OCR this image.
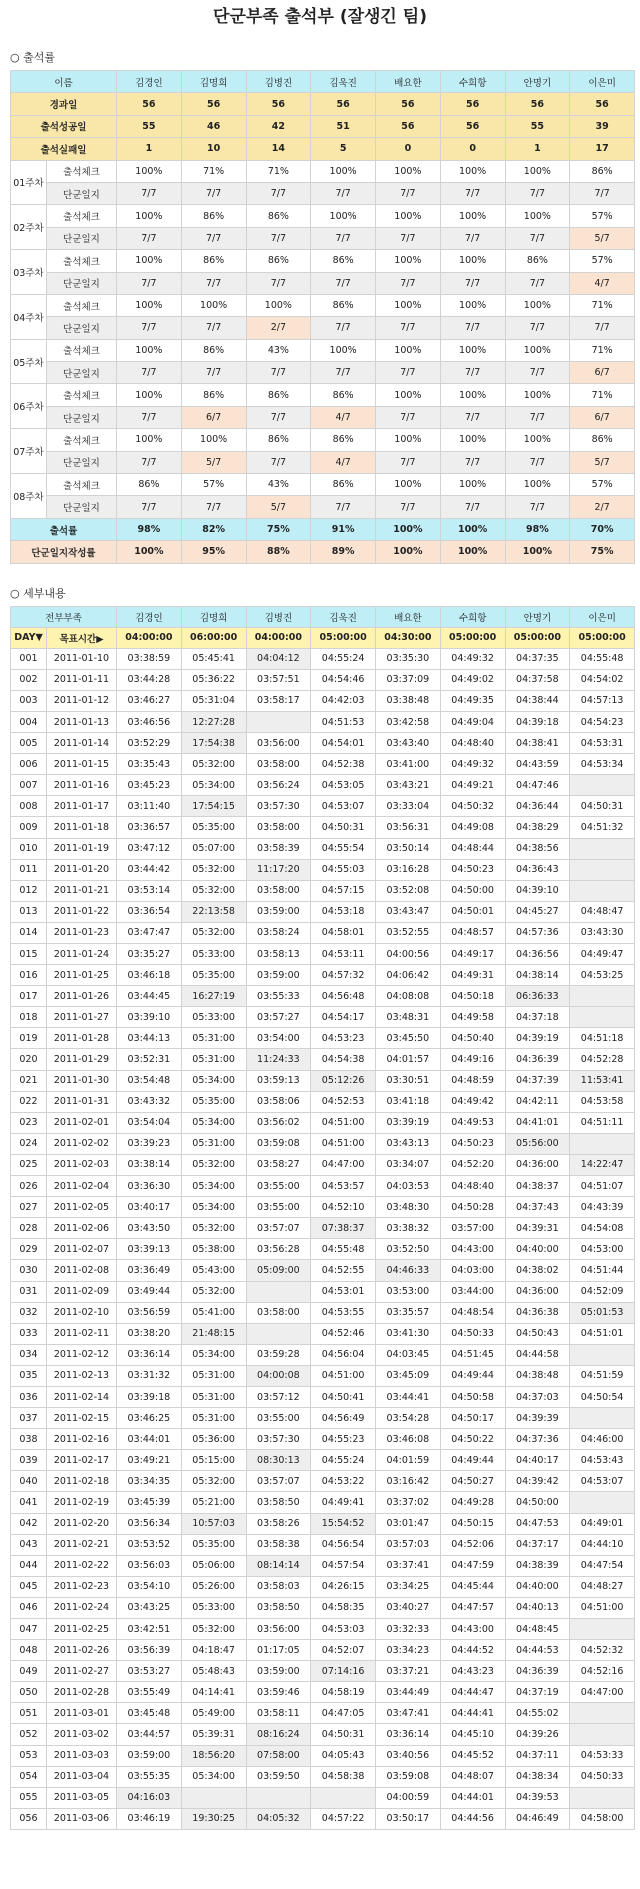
단군부족 출석부 (잘생긴 팀)
○ 출석률
이름		김경인	김명희	김병진	김욱진	배요한	수희항	안명기	이은미
경과일		56	56	56	56	56	56	56	56
출석성공일		55	46	42	51	56	56	55	39
출석실패일		1	10	14	5	0	0	1	17
01주차	출석체크	100%	71%	71%	100%	100%	100%	100%	86%
	단군일지	7/7	7/7	7/7	7/7	7/7	7/7	7/7	7/7
02주차	출석체크	100%	86%	86%	100%	100%	100%	100%	57%
	단군일지	7/7	7/7	7/7	7/7	7/7	7/7	7/7	5/7
03주차	출석체크	100%	86%	86%	86%	100%	100%	86%	57%
	단군일지	7/7	7/7	7/7	7/7	7/7	7/7	7/7	4/7
04주차	출석체크	100%	100%	100%	86%	100%	100%	100%	71%
	단군일지	7/7	7/7	2/7	7/7	7/7	7/7	7/7	7/7
05주차	출석체크	100%	86%	43%	100%	100%	100%	100%	71%
	단군일지	7/7	7/7	7/7	7/7	7/7	7/7	7/7	6/7
06주차	출석체크	100%	86%	86%	86%	100%	100%	100%	71%
	단군일지	7/7	6/7	7/7	4/7	7/7	7/7	7/7	6/7
07주차	출석체크	100%	100%	86%	86%	100%	100%	100%	86%
	단군일지	7/7	5/7	7/7	4/7	7/7	7/7	7/7	5/7
08주차	출석체크	86%	57%	43%	86%	100%	100%	100%	57%
	단군일지	7/7	7/7	5/7	7/7	7/7	7/7	7/7	2/7
출석률		98%	82%	75%	91%	100%	100%	98%	70%
단군일지작성률		100%	95%	88%	89%	100%	100%	100%	75%
○ 세부내용
전부부족		김경인	김명희	김병진	김욱진	배요한	수희항	안명기	이은미
DAY▼	목표시간▶	04:00:00	06:00:00	04:00:00	05:00:00	04:30:00	05:00:00	05:00:00	05:00:00
001	2011-01-10	03:38:59	05:45:41	04:04:12	04:55:24	03:35:30	04:49:32	04:37:35	04:55:48
002	2011-01-11	03:44:28	05:36:22	03:57:51	04:54:46	03:37:09	04:49:02	04:37:58	04:54:02
003	2011-01-12	03:46:27	05:31:04	03:58:17	04:42:03	03:38:48	04:49:35	04:38:44	04:57:13
004	2011-01-13	03:46:56	12:27:28		04:51:53	03:42:58	04:49:04	04:39:18	04:54:23
005	2011-01-14	03:52:29	17:54:38	03:56:00	04:54:01	03:43:40	04:48:40	04:38:41	04:53:31
006	2011-01-15	03:35:43	05:32:00	03:58:00	04:52:38	03:41:00	04:49:32	04:43:59	04:53:34
007	2011-01-16	03:45:23	05:34:00	03:56:24	04:53:05	03:43:21	04:49:21	04:47:46	
008	2011-01-17	03:11:40	17:54:15	03:57:30	04:53:07	03:33:04	04:50:32	04:36:44	04:50:31
009	2011-01-18	03:36:57	05:35:00	03:58:00	04:50:31	03:56:31	04:49:08	04:38:29	04:51:32
010	2011-01-19	03:47:12	05:07:00	03:58:39	04:55:54	03:50:14	04:48:44	04:38:56	
011	2011-01-20	03:44:42	05:32:00	11:17:20	04:55:03	03:16:28	04:50:23	04:36:43	
012	2011-01-21	03:53:14	05:32:00	03:58:00	04:57:15	03:52:08	04:50:00	04:39:10	
013	2011-01-22	03:36:54	22:13:58	03:59:00	04:53:18	03:43:47	04:50:01	04:45:27	04:48:47
014	2011-01-23	03:47:47	05:32:00	03:58:24	04:58:01	03:52:55	04:48:57	04:57:36	03:43:30
015	2011-01-24	03:35:27	05:33:00	03:58:13	04:53:11	04:00:56	04:49:17	04:36:56	04:49:47
016	2011-01-25	03:46:18	05:35:00	03:59:00	04:57:32	04:06:42	04:49:31	04:38:14	04:53:25
017	2011-01-26	03:44:45	16:27:19	03:55:33	04:56:48	04:08:08	04:50:18	06:36:33	
018	2011-01-27	03:39:10	05:33:00	03:57:27	04:54:17	03:48:31	04:49:58	04:37:18	
019	2011-01-28	03:44:13	05:31:00	03:54:00	04:53:23	03:45:50	04:50:40	04:39:19	04:51:18
020	2011-01-29	03:52:31	05:31:00	11:24:33	04:54:38	04:01:57	04:49:16	04:36:39	04:52:28
021	2011-01-30	03:54:48	05:34:00	03:59:13	05:12:26	03:30:51	04:48:59	04:37:39	11:53:41
022	2011-01-31	03:43:32	05:35:00	03:58:06	04:52:53	03:41:18	04:49:42	04:42:11	04:53:58
023	2011-02-01	03:54:04	05:34:00	03:56:02	04:51:00	03:39:19	04:49:53	04:41:01	04:51:11
024	2011-02-02	03:39:23	05:31:00	03:59:08	04:51:00	03:43:13	04:50:23	05:56:00	
025	2011-02-03	03:38:14	05:32:00	03:58:27	04:47:00	03:34:07	04:52:20	04:36:00	14:22:47
026	2011-02-04	03:36:30	05:34:00	03:55:00	04:53:57	04:03:53	04:48:40	04:38:37	04:51:07
027	2011-02-05	03:40:17	05:34:00	03:55:00	04:52:10	03:48:30	04:50:28	04:37:43	04:43:39
028	2011-02-06	03:43:50	05:32:00	03:57:07	07:38:37	03:38:32	03:57:00	04:39:31	04:54:08
029	2011-02-07	03:39:13	05:38:00	03:56:28	04:55:48	03:52:50	04:43:00	04:40:00	04:53:00
030	2011-02-08	03:36:49	05:43:00	05:09:00	04:52:55	04:46:33	04:03:00	04:38:02	04:51:44
031	2011-02-09	03:49:44	05:32:00		04:53:01	03:53:00	03:44:00	04:36:00	04:52:09
032	2011-02-10	03:56:59	05:41:00	03:58:00	04:53:55	03:35:57	04:48:54	04:36:38	05:01:53
033	2011-02-11	03:38:20	21:48:15		04:52:46	03:41:30	04:50:33	04:50:43	04:51:01
034	2011-02-12	03:36:14	05:34:00	03:59:28	04:56:04	04:03:45	04:51:45	04:44:58	
035	2011-02-13	03:31:32	05:31:00	04:00:08	04:51:00	03:45:09	04:49:44	04:38:48	04:51:59
036	2011-02-14	03:39:18	05:31:00	03:57:12	04:50:41	03:44:41	04:50:58	04:37:03	04:50:54
037	2011-02-15	03:46:25	05:31:00	03:55:00	04:56:49	03:54:28	04:50:17	04:39:39	
038	2011-02-16	03:44:01	05:36:00	03:57:30	04:55:23	03:46:08	04:50:22	04:37:36	04:46:00
039	2011-02-17	03:49:21	05:15:00	08:30:13	04:55:24	04:01:59	04:49:44	04:40:17	04:53:43
040	2011-02-18	03:34:35	05:32:00	03:57:07	04:53:22	03:16:42	04:50:27	04:39:42	04:53:07
041	2011-02-19	03:45:39	05:21:00	03:58:50	04:49:41	03:37:02	04:49:28	04:50:00	
042	2011-02-20	03:56:34	10:57:03	03:58:26	15:54:52	03:01:47	04:50:15	04:47:53	04:49:01
043	2011-02-21	03:53:52	05:35:00	03:58:38	04:56:54	03:57:03	04:52:06	04:37:17	04:44:10
044	2011-02-22	03:56:03	05:06:00	08:14:14	04:57:54	03:37:41	04:47:59	04:38:39	04:47:54
045	2011-02-23	03:54:10	05:26:00	03:58:03	04:26:15	03:34:25	04:45:44	04:40:00	04:48:27
046	2011-02-24	03:43:25	05:33:00	03:58:50	04:58:35	03:40:27	04:47:57	04:40:13	04:51:00
047	2011-02-25	03:42:51	05:32:00	03:56:00	04:53:03	03:32:33	04:43:00	04:48:45	
048	2011-02-26	03:56:39	04:18:47	01:17:05	04:52:07	03:34:23	04:44:52	04:44:53	04:52:32
049	2011-02-27	03:53:27	05:48:43	03:59:00	07:14:16	03:37:21	04:43:23	04:36:39	04:52:16
050	2011-02-28	03:55:49	04:14:41	03:59:46	04:58:19	03:44:49	04:44:47	04:37:19	04:47:00
051	2011-03-01	03:45:48	05:49:00	03:58:11	04:47:05	03:47:41	04:44:41	04:55:02	
052	2011-03-02	03:44:57	05:39:31	08:16:24	04:50:31	03:36:14	04:45:10	04:39:26	
053	2011-03-03	03:59:00	18:56:20	07:58:00	04:05:43	03:40:56	04:45:52	04:37:11	04:53:33
054	2011-03-04	03:55:35	05:34:00	03:59:50	04:58:38	03:59:08	04:48:07	04:38:34	04:50:33
055	2011-03-05	04:16:03				04:00:59	04:44:01	04:39:53	
056	2011-03-06	03:46:19	19:30:25	04:05:32	04:57:22	03:50:17	04:44:56	04:46:49	04:58:00
